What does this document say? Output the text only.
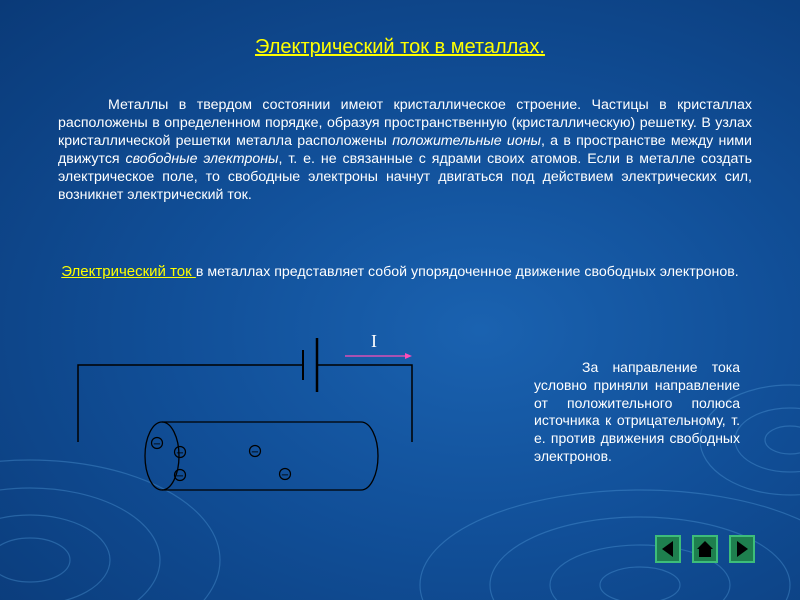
Электрический ток в металлах.
Металлы в твердом состоянии имеют кристаллическое строение. Частицы в кристаллах расположены в определенном порядке, образуя пространственную (кристаллическую) решетку. В узлах кристаллической решетки металла расположены положительные ионы, а в пространстве между ними движутся свободные электроны, т. е. не связанные с ядрами своих атомов. Если в металле создать электрическое поле, то свободные электроны начнут двигаться под действием электрических сил, возникнет электрический ток.
Электрический ток в металлах представляет собой упорядоченное движение свободных электронов.
I
−
−	−
−	−
За направление тока условно приняли направление от положительного полюса источника к отрицательному, т. е. против движения свободных электронов.
